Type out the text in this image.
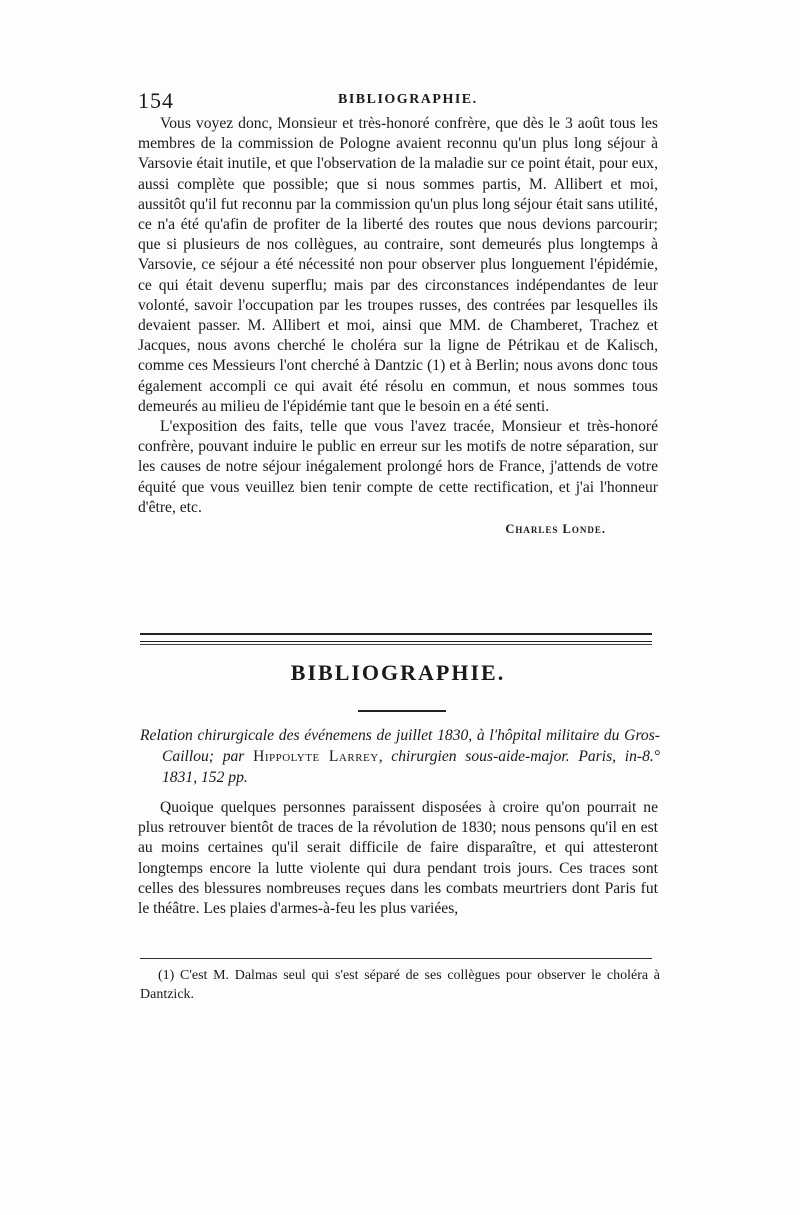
154	BIBLIOGRAPHIE.

Vous voyez donc, Monsieur et très-honoré confrère, que dès le 3 août tous les membres de la commission de Pologne avaient reconnu qu'un plus long séjour à Varsovie était inutile, et que l'observation de la maladie sur ce point était, pour eux, aussi complète que possible; que si nous sommes partis, M. Allibert et moi, aussitôt qu'il fut reconnu par la commission qu'un plus long séjour était sans utilité, ce n'a été qu'afin de profiter de la liberté des routes que nous devions parcourir; que si plusieurs de nos collègues, au contraire, sont demeurés plus longtemps à Varsovie, ce séjour a été nécessité non pour observer plus longuement l'épidémie, ce qui était devenu superflu; mais par des circonstances indépendantes de leur volonté, savoir l'occupation par les troupes russes, des contrées par lesquelles ils devaient passer. M. Allibert et moi, ainsi que MM. de Chamberet, Trachez et Jacques, nous avons cherché le choléra sur la ligne de Pétrikau et de Kalisch, comme ces Messieurs l'ont cherché à Dantzic (1) et à Berlin; nous avons donc tous également accompli ce qui avait été résolu en commun, et nous sommes tous demeurés au milieu de l'épidémie tant que le besoin en a été senti.

L'exposition des faits, telle que vous l'avez tracée, Monsieur et très-honoré confrère, pouvant induire le public en erreur sur les motifs de notre séparation, sur les causes de notre séjour inégalement prolongé hors de France, j'attends de votre équité que vous veuillez bien tenir compte de cette rectification, et j'ai l'honneur d'être, etc.

Charles Londe.

BIBLIOGRAPHIE.

Relation chirurgicale des événemens de juillet 1830, à l'hôpital militaire du Gros-Caillou; par Hippolyte Larrey, chirurgien sous-aide-major. Paris, in-8.° 1831, 152 pp.

Quoique quelques personnes paraissent disposées à croire qu'on pourrait ne plus retrouver bientôt de traces de la révolution de 1830; nous pensons qu'il en est au moins certaines qu'il serait difficile de faire disparaître, et qui attesteront longtemps encore la lutte violente qui dura pendant trois jours. Ces traces sont celles des blessures nombreuses reçues dans les combats meurtriers dont Paris fut le théâtre. Les plaies d'armes-à-feu les plus variées,

(1) C'est M. Dalmas seul qui s'est séparé de ses collègues pour observer le choléra à Dantzick.
